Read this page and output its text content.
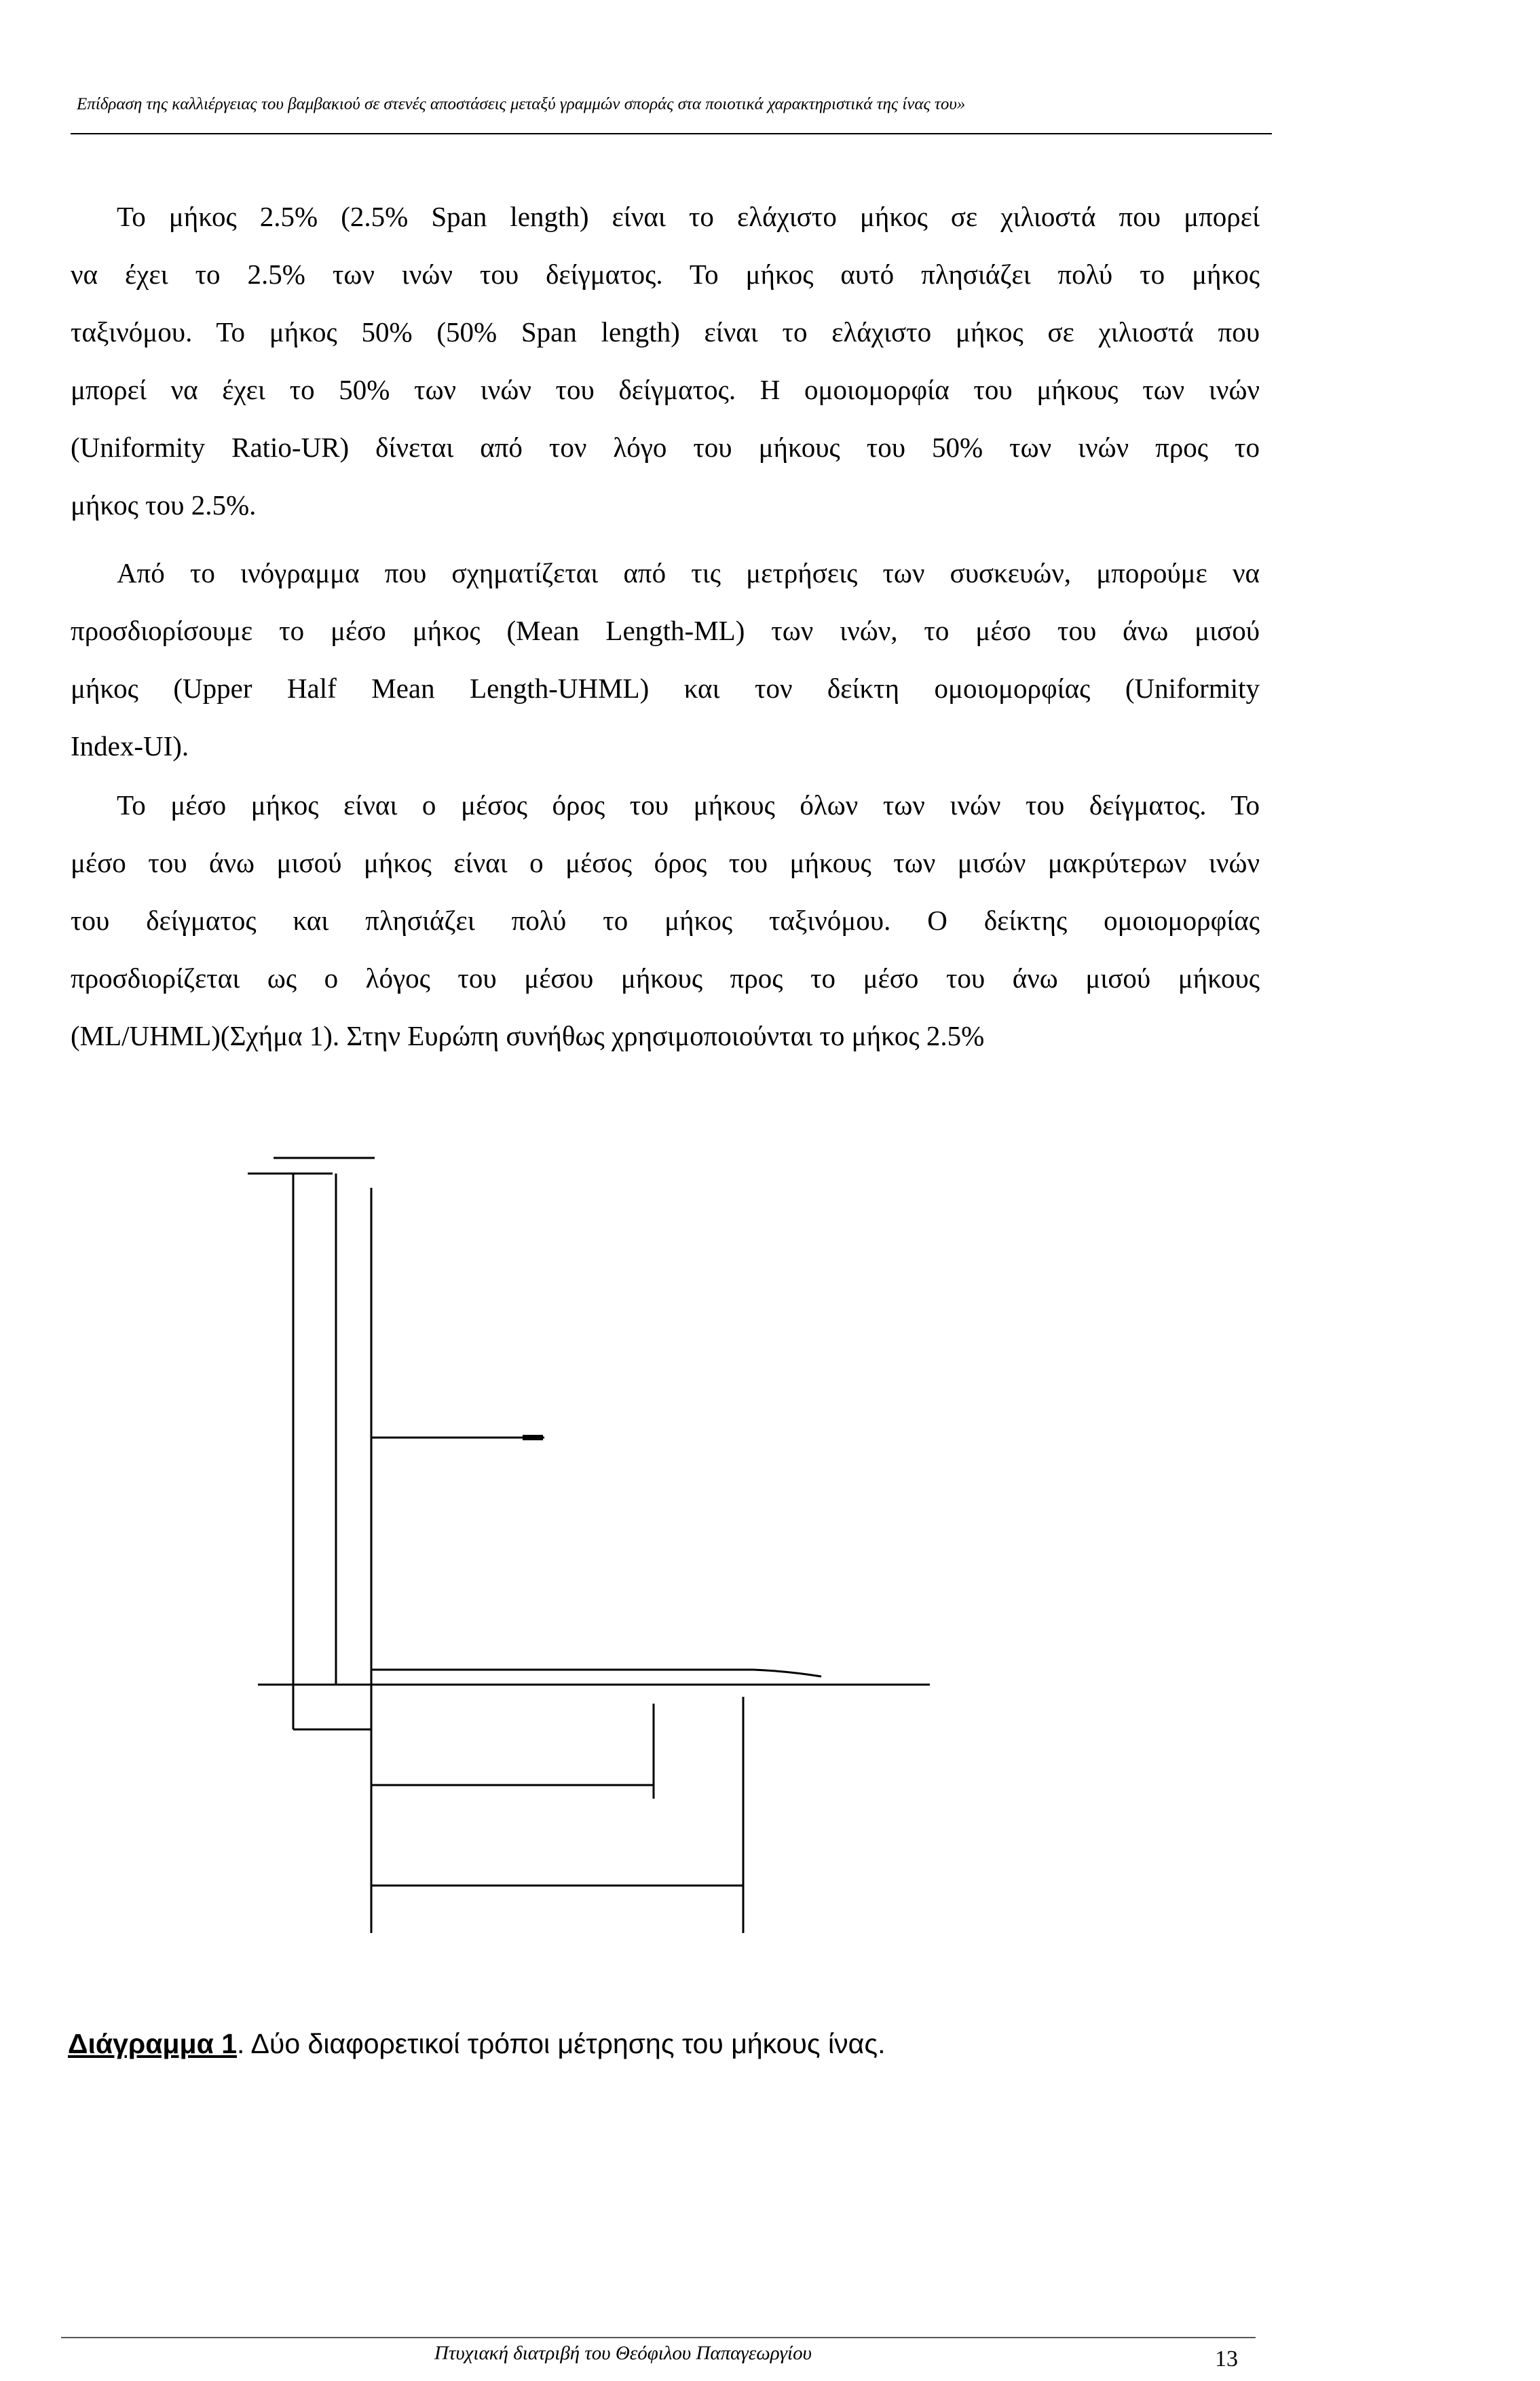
Επίδραση της καλλιέργειας του βαμβακιού σε στενές αποστάσεις μεταξύ γραμμών σποράς στα ποιοτικά χαρακτηριστικά της ίνας του»
Το μήκος 2.5% (2.5% Span length) είναι το ελάχιστο μήκος σε χιλιοστά που μπορεί
να έχει το 2.5% των ινών του δείγματος. Το μήκος αυτό πλησιάζει πολύ το μήκος
ταξινόμου. Το μήκος 50% (50% Span length) είναι το ελάχιστο μήκος σε χιλιοστά που
μπορεί να έχει το 50% των ινών του δείγματος. Η ομοιομορφία του μήκους των ινών
(Uniformity Ratio-UR) δίνεται από τον λόγο του μήκους του 50% των ινών προς το
μήκος του 2.5%.
Από το ινόγραμμα που σχηματίζεται από τις μετρήσεις των συσκευών, μπορούμε να
προσδιορίσουμε το μέσο μήκος (Mean Length-ML) των ινών, το μέσο του άνω μισού
μήκος (Upper Half Mean Length-UHML) και τον δείκτη ομοιομορφίας (Uniformity
Index-UI).
Το μέσο μήκος είναι ο μέσος όρος του μήκους όλων των ινών του δείγματος. Το
μέσο του άνω μισού μήκος είναι ο μέσος όρος του μήκους των μισών μακρύτερων ινών
του δείγματος και πλησιάζει πολύ το μήκος ταξινόμου. Ο δείκτης ομοιομορφίας
προσδιορίζεται ως ο λόγος του μέσου μήκους προς το μέσο του άνω μισού μήκους
(ML/UHML)(Σχήμα 1). Στην Ευρώπη συνήθως χρησιμοποιούνται το μήκος 2.5%
Διάγραμμα 1. Δύο διαφορετικοί τρόποι μέτρησης του μήκους ίνας.
Πτυχιακή διατριβή του Θεόφιλου Παπαγεωργίου	13
